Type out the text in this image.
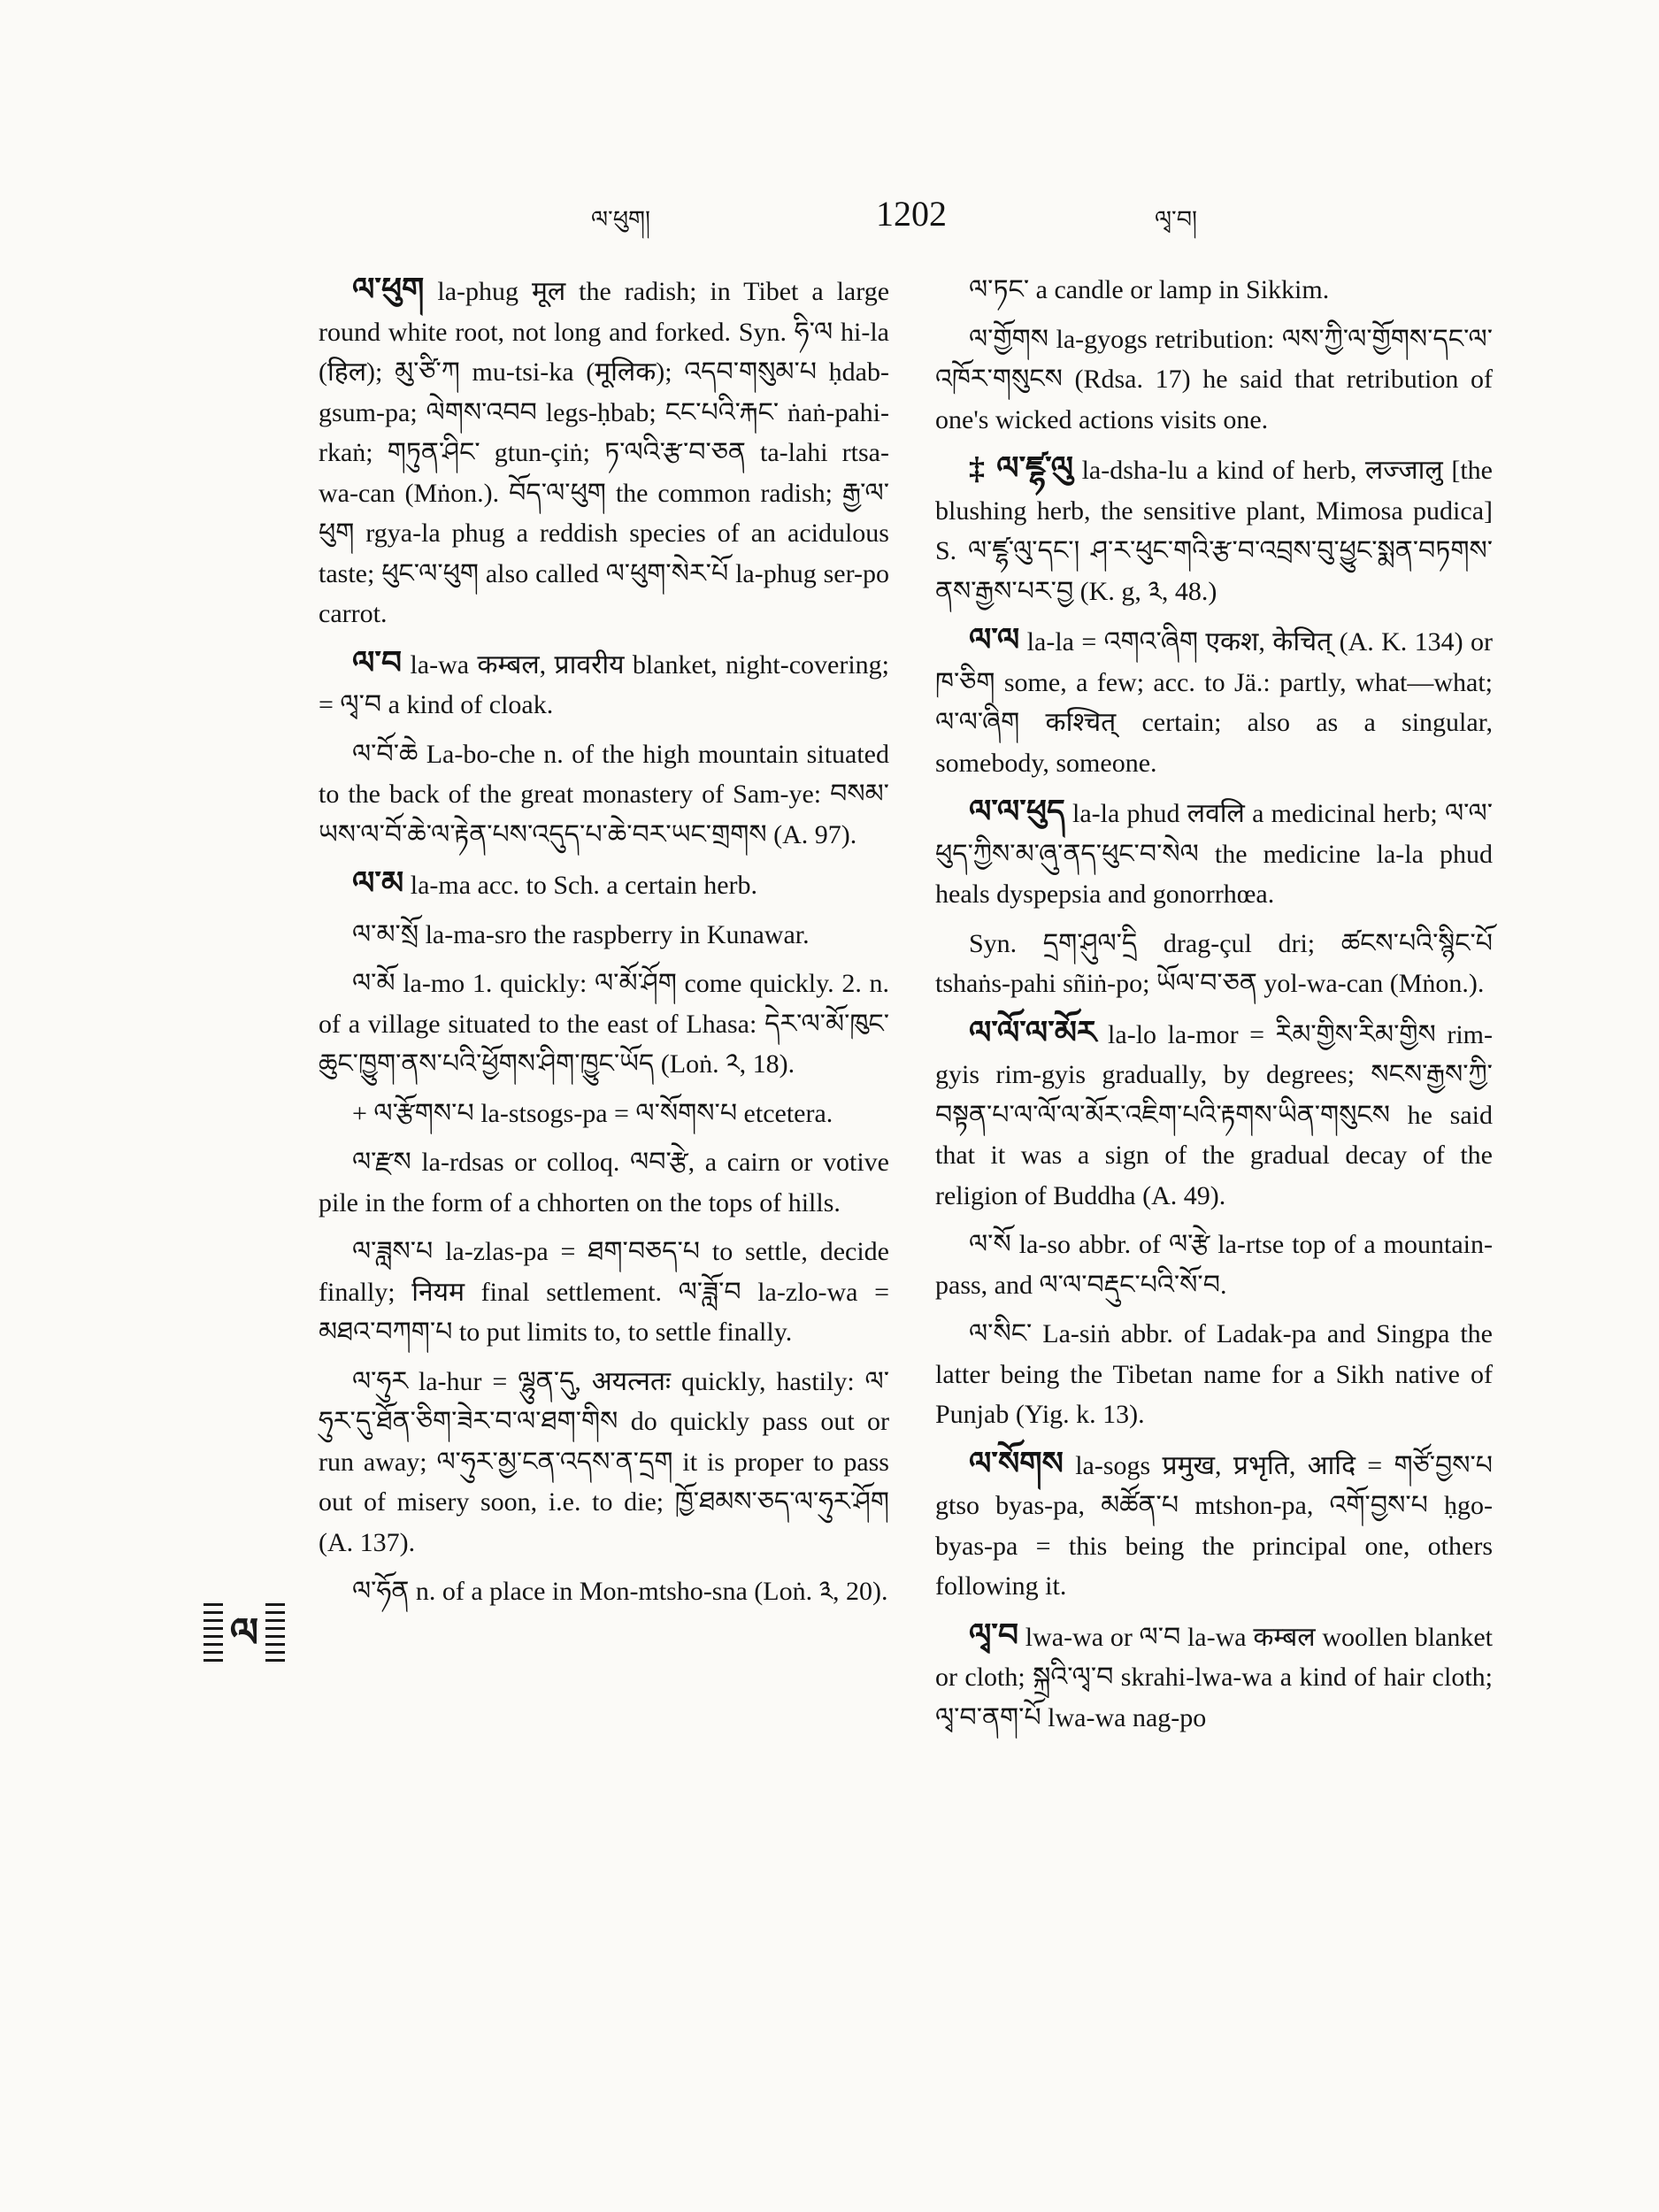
ལ་ཕུག།	1202	ལྭ་བ།
ལ

ལ་ཕུག la-phug मूल the radish; in Tibet a large round white root, not long and forked. Syn. ཧི་ལ hi-la (हिल); མུ་ཙི་ཀ mu-tsi-ka (मूलिक); འདབ་གསུམ་པ ḥdab-gsum-pa; ལེགས་འབབ legs-ḥbab; ངང་པའི་རྐང་ ṅaṅ-pahi-rkaṅ; གཏུན་ཤིང་ gtun-çiṅ; ཏ་ལའི་རྩ་བ་ཅན ta-lahi rtsa-wa-can (Mṅon.). བོད་ལ་ཕུག the common radish; རྒྱ་ལ་ཕུག rgya-la phug a reddish species of an acidulous taste; ཕུང་ལ་ཕུག also called ལ་ཕུག་སེར་པོ la-phug ser-po carrot.

ལ་བ la-wa कम्बल, प्रावरीय blanket, night-covering; = ལྭ་བ a kind of cloak.

ལ་བོ་ཆེ La-bo-che n. of the high mountain situated to the back of the great monastery of Sam-ye: བསམ་ཡས་ལ་བོ་ཆེ་ལ་རྟེན་པས་འདུད་པ་ཆེ་བར་ཡང་གྲགས (A. 97).

ལ་མ la-ma acc. to Sch. a certain herb.

ལ་མ་སྲོ la-ma-sro the raspberry in Kunawar.

ལ་མོ la-mo 1. quickly: ལ་མོ་ཤོག come quickly. 2. n. of a village situated to the east of Lhasa: དེར་ལ་མོ་ཁུང་ཆུང་ཁྱུག་ནས་པའི་ཕྱོགས་ཤིག་ཁྱུང་ཡོད (Loṅ. ༢, 18).

+ ལ་རྩོགས་པ la-stsogs-pa = ལ་སོགས་པ etcetera.

ལ་རྫས la-rdsas or colloq. ལབ་རྩེ, a cairn or votive pile in the form of a chhorten on the tops of hills.

ལ་ཟླས་པ la-zlas-pa = ཐག་བཅད་པ to settle, decide finally; नियम final settlement. ལ་ཟློ་བ la-zlo-wa = མཐའ་བཀག་པ to put limits to, to settle finally.

ལ་ཧུར la-hur = ལྷུན་དུ, अयत्नतः quickly, hastily: ལ་ཧུར་དུ་ཐོན་ཅིག་ཟེར་བ་ལ་ཐག་གིས do quickly pass out or run away; ལ་ཧུར་མྱ་ངན་འདས་ན་དྲག it is proper to pass out of misery soon, i.e. to die; ཁྱོ་ཐམས་ཅད་ལ་ཧུར་ཤོག (A. 137).

ལ་ཧོན n. of a place in Mon-mtsho-sna (Loṅ. ༣, 20).

ལ་ཏང་ a candle or lamp in Sikkim.

ལ་གྱོགས la-gyogs retribution: ལས་ཀྱི་ལ་གྱོགས་དང་ལ་འཁོར་གསུངས (Rdsa. 17) he said that retribution of one's wicked actions visits one.

‡ ལ་ཛྷ་ལུ la-dsha-lu a kind of herb, लज्जालु [the blushing herb, the sensitive plant, Mimosa pudica] S. ལ་ཛྷ་ལུ་དང་། ཤ་ར་ཕུང་གའི་རྩ་བ་འབྲས་བུ་ཕྱུང་སྨན་བཏགས་ནས་རྒྱས་པར་བྱ (K. g, ༣, 48.)

ལ་ལ la-la = འགའ་ཞིག एकश, केचित् (A. K. 134) or ཁ་ཅིག some, a few; acc. to Jä.: partly, what—what; ལ་ལ་ཞིག कश्चित् certain; also as a singular, somebody, someone.

ལ་ལ་ཕུད la-la phud लवलि a medicinal herb; ལ་ལ་ཕུད་ཀྱིས་མ་ཞུ་ནད་ཕུང་བ་སེལ the medicine la-la phud heals dyspepsia and gonorrhœa.

Syn. དྲག་ཤུལ་དྲི drag-çul dri; ཚངས་པའི་སྙིང་པོ tshaṅs-pahi sñiṅ-po; ཡོལ་བ་ཅན yol-wa-can (Mṅon.).

ལ་ལོ་ལ་མོར la-lo la-mor = རིམ་གྱིས་རིམ་གྱིས rim-gyis rim-gyis gradually, by degrees; སངས་རྒྱས་ཀྱི་བསྟན་པ་ལ་ལོ་ལ་མོར་འཇིག་པའི་རྟགས་ཡིན་གསུངས he said that it was a sign of the gradual decay of the religion of Buddha (A. 49).

ལ་སོ la-so abbr. of ལ་རྩེ la-rtse top of a mountain-pass, and ལ་ལ་བརྡུང་པའི་སོ་བ.

ལ་སིང་ La-siṅ abbr. of Ladak-pa and Singpa the latter being the Tibetan name for a Sikh native of Punjab (Yig. k. 13).

ལ་སོགས la-sogs प्रमुख, प्रभृति, आदि = གཙོ་བྱས་པ gtso byas-pa, མཚོན་པ mtshon-pa, འགོ་བྱས་པ ḥgo-byas-pa = this being the principal one, others following it.

ལྭ་བ lwa-wa or ལ་བ la-wa कम्बल woollen blanket or cloth; སྐྲའི་ལྭ་བ skrahi-lwa-wa a kind of hair cloth; ལྭ་བ་ནག་པོ lwa-wa nag-po
